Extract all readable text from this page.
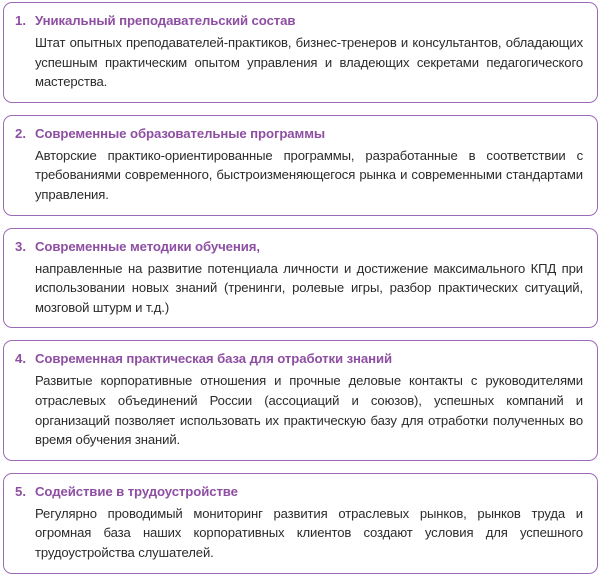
1. Уникальный преподавательский состав

Штат опытных преподавателей-практиков, бизнес-тренеров и консультантов, обладающих успешным практическим опытом управления и владеющих секретами педагогического мастерства.

2. Современные образовательные программы

Авторские практико-ориентированные программы, разработанные в соответствии с требованиями современного, быстроизменяющегося рынка и современными стандартами управления.

3. Современные методики обучения,

направленные на развитие потенциала личности и достижение максимального КПД при использовании новых знаний (тренинги, ролевые игры, разбор практических ситуаций, мозговой штурм и т.д.)

4. Современная практическая база для отработки знаний

Развитые корпоративные отношения и прочные деловые контакты с руководителями отраслевых объединений России (ассоциаций и союзов), успешных компаний и организаций позволяет использовать их практическую базу для отработки полученных во время обучения знаний.

5. Содействие в трудоустройстве

Регулярно проводимый мониторинг развития отраслевых рынков, рынков труда и огромная база наших корпоративных клиентов создают условия для успешного трудоустройства слушателей.
